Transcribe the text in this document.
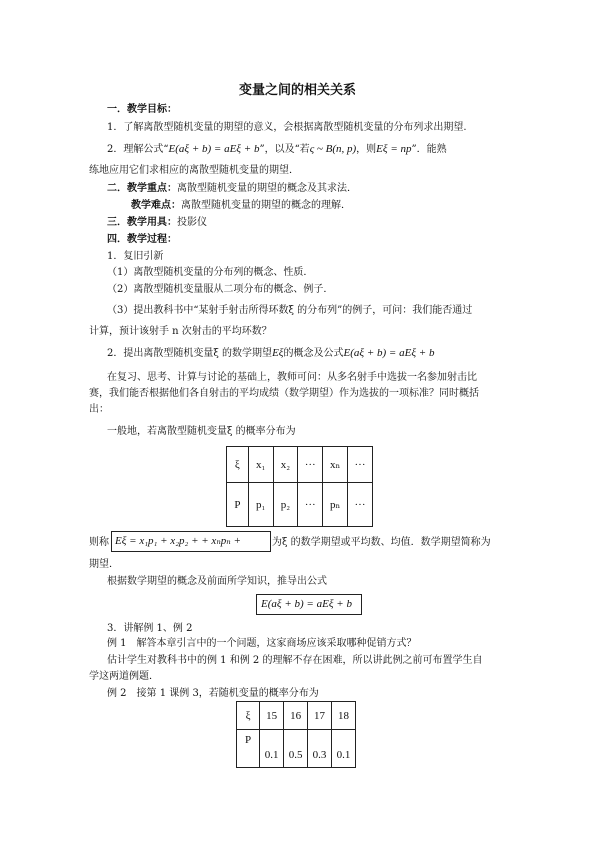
变量之间的相关关系
一．教学目标：
1．了解离散型随机变量的期望的意义，会根据离散型随机变量的分布列求出期望.
2．理解公式“E(aξ + b) = aEξ + b”，以及“若ς ~ B(n, p)，则Eξ = np”．能熟
练地应用它们求相应的离散型随机变量的期望．
二．教学重点：离散型随机变量的期望的概念及其求法．
教学难点：离散型随机变量的期望的概念的理解．
三．教学用具：投影仪
四．教学过程：
1．复旧引新
（1）离散型随机变量的分布列的概念、性质．
（2）离散型随机变量服从二项分布的概念、例子．
（3）提出教科书中“某射手射击所得环数ξ 的分布列”的例子，可问：我们能否通过
计算，预计该射手 n 次射击的平均环数？
2．提出离散型随机变量ξ 的数学期望Eξ的概念及公式E(aξ + b) = aEξ + b
在复习、思考、计算与讨论的基础上，教师可问：从多名射手中选拔一名参加射击比
赛，我们能否根据他们各自射击的平均成绩（数学期望）作为选拔的一项标准？同时概括
出：
一般地，若离散型随机变量ξ 的概率分布为
ξ	x₁	x₂	···	xₙ	···
P	p₁	p₂	···	pₙ	···
则称 Eξ = x₁p₁ + x₂p₂ + + xₙpₙ +	为ξ 的数学期望或平均数、均值．数学期望简称为
期望．
根据数学期望的概念及前面所学知识，推导出公式
E(aξ + b) = aEξ + b
3．讲解例 1、例 2
例 1　解答本章引言中的一个问题，这家商场应该采取哪种促销方式？
估计学生对教科书中的例 1 和例 2 的理解不存在困难，所以讲此例之前可布置学生自
学这两道例题．
例 2　接第 1 课例 3，若随机变量的概率分布为
ξ	15	16	17	18
P	0.1	0.5	0.3	0.1
